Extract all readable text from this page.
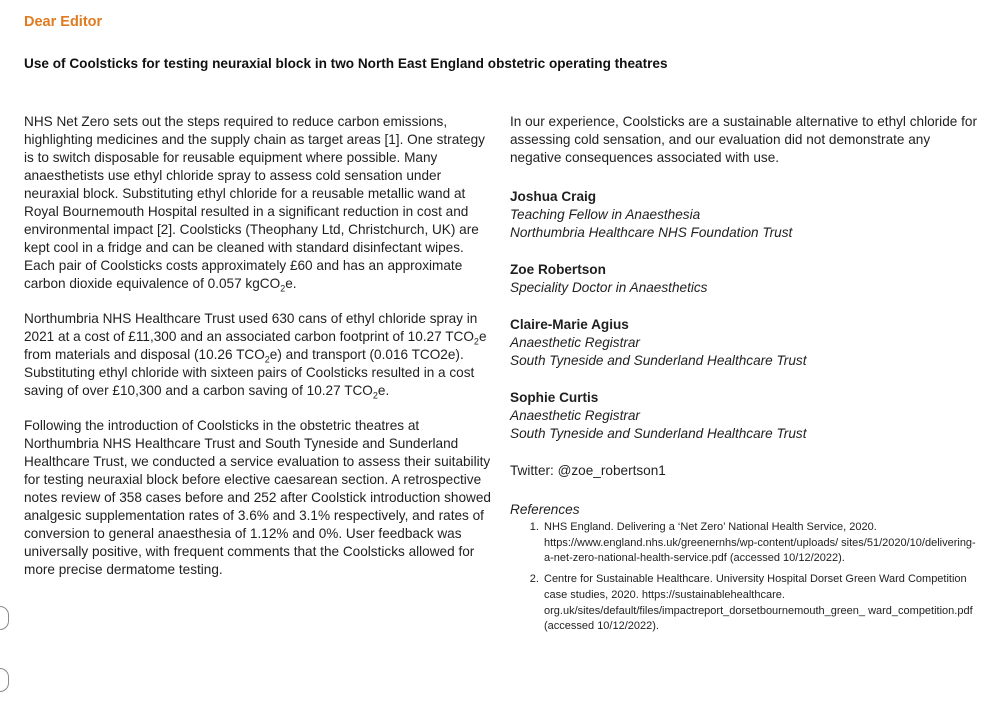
Dear Editor
Use of Coolsticks for testing neuraxial block in two North East England obstetric operating theatres

NHS Net Zero sets out the steps required to reduce carbon emissions, highlighting medicines and the supply chain as target areas [1]. One strategy is to switch disposable for reusable equipment where possible. Many anaesthetists use ethyl chloride spray to assess cold sensation under neuraxial block. Substituting ethyl chloride for a reusable metallic wand at Royal Bournemouth Hospital resulted in a significant reduction in cost and environmental impact [2]. Coolsticks (Theophany Ltd, Christchurch, UK) are kept cool in a fridge and can be cleaned with standard disinfectant wipes. Each pair of Coolsticks costs approximately £60 and has an approximate carbon dioxide equivalence of 0.057 kgCO$_2$e.

Northumbria NHS Healthcare Trust used 630 cans of ethyl chloride spray in 2021 at a cost of £11,300 and an associated carbon footprint of 10.27 $TCO_2e$ from materials and disposal (10.26 $TCO_2e$) and transport (0.016 TCO2e). Substituting ethyl chloride with sixteen pairs of Coolsticks resulted in a cost saving of over £10,300 and a carbon saving of 10.27 $TCO_2e$.

Following the introduction of Coolsticks in the obstetric theatres at Northumbria NHS Healthcare Trust and South Tyneside and Sunderland Healthcare Trust, we conducted a service evaluation to assess their suitability for testing neuraxial block before elective caesarean section. A retrospective notes review of 358 cases before and 252 after Coolstick introduction showed analgesic supplementation rates of 3.6% and 3.1% respectively, and rates of conversion to general anaesthesia of 1.12% and 0%. User feedback was universally positive, with frequent comments that the Coolsticks allowed for more precise dermatome testing.

In our experience, Coolsticks are a sustainable alternative to ethyl chloride for assessing cold sensation, and our evaluation did not demonstrate any negative consequences associated with use.

Joshua Craig
Teaching Fellow in Anaesthesia
Northumbria Healthcare NHS Foundation Trust
Zoe Robertson
Speciality Doctor in Anaesthetics
Claire-Marie Agius
Anaesthetic Registrar
South Tyneside and Sunderland Healthcare Trust
Sophie Curtis
Anaesthetic Registrar
South Tyneside and Sunderland Healthcare Trust
Twitter: @zoe_robertson1
References
1. NHS England. Delivering a ‘Net Zero’ National Health Service, 2020. https://www.england.nhs.uk/greenernhs/wp-content/uploads/ sites/51/2020/10/delivering-a-net-zero-national-health-service.pdf (accessed 10/12/2022).
2. Centre for Sustainable Healthcare. University Hospital Dorset Green Ward Competition case studies, 2020. https://sustainablehealthcare. org.uk/sites/default/files/impactreport_dorsetbournemouth_green_ ward_competition.pdf (accessed 10/12/2022).
